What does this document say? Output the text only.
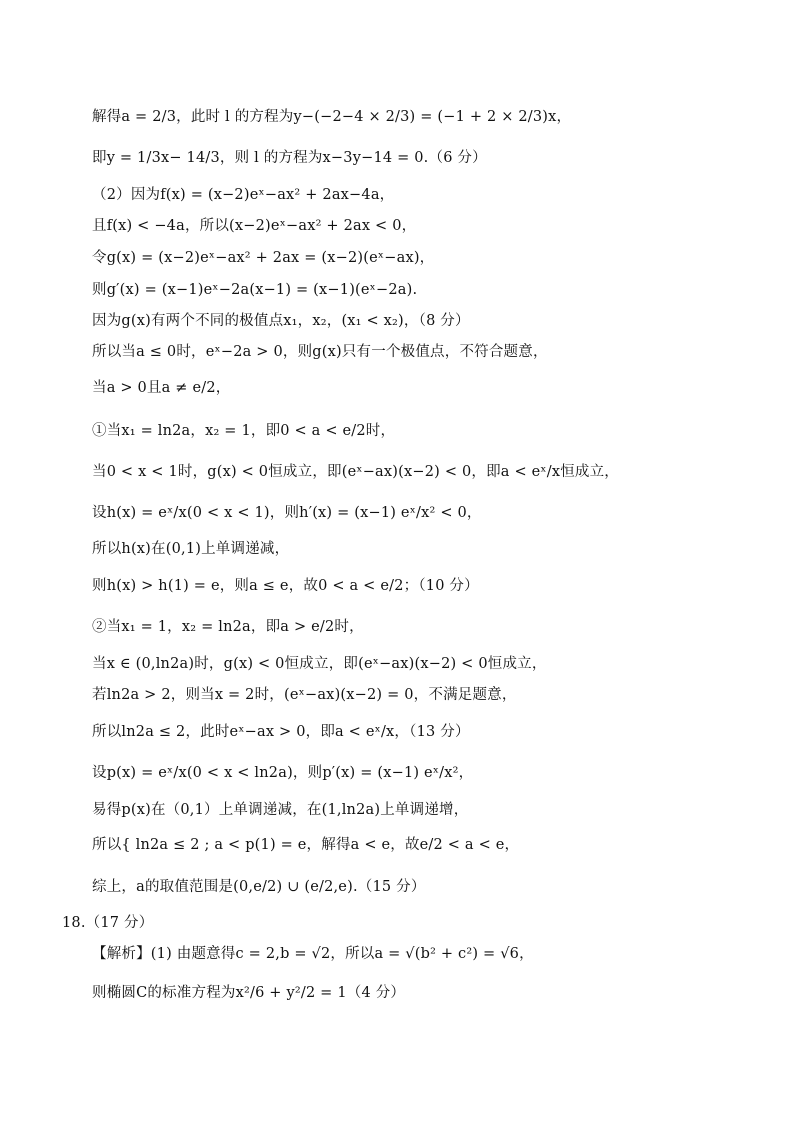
解得a = 2/3，此时 l 的方程为y−(−2−4 × 2/3) = (−1 + 2 × 2/3)x，
即y = 1/3x− 14/3，则 l 的方程为x−3y−14 = 0.（6 分）
（2）因为f(x) = (x−2)eˣ−ax² + 2ax−4a，
且f(x) < −4a，所以(x−2)eˣ−ax² + 2ax < 0，
令g(x) = (x−2)eˣ−ax² + 2ax = (x−2)(eˣ−ax)，
则g′(x) = (x−1)eˣ−2a(x−1) = (x−1)(eˣ−2a).
因为g(x)有两个不同的极值点x₁，x₂，(x₁ < x₂)，（8 分）
所以当a ≤ 0时，eˣ−2a > 0，则g(x)只有一个极值点，不符合题意，
当a > 0且a ≠ e/2，
①当x₁ = ln2a，x₂ = 1，即0 < a < e/2时，
当0 < x < 1时，g(x) < 0恒成立，即(eˣ−ax)(x−2) < 0，即a < eˣ/x恒成立，
设h(x) = eˣ/x(0 < x < 1)，则h′(x) = (x−1) eˣ/x² < 0，
所以h(x)在(0,1)上单调递减，
则h(x) > h(1) = e，则a ≤ e，故0 < a < e/2；（10 分）
②当x₁ = 1，x₂ = ln2a，即a > e/2时，
当x ∈ (0,ln2a)时，g(x) < 0恒成立，即(eˣ−ax)(x−2) < 0恒成立，
若ln2a > 2，则当x = 2时，(eˣ−ax)(x−2) = 0，不满足题意，
所以ln2a ≤ 2，此时eˣ−ax > 0，即a < eˣ/x，（13 分）
设p(x) = eˣ/x(0 < x < ln2a)，则p′(x) = (x−1) eˣ/x²，
易得p(x)在（0,1）上单调递减，在(1,ln2a)上单调递增，
所以{ ln2a ≤ 2 ; a < p(1) = e，解得a < e，故e/2 < a < e，
综上，a的取值范围是(0,e/2) ∪ (e/2,e).（15 分）
18.（17 分）
【解析】(1) 由题意得c = 2,b = √2，所以a = √(b² + c²) = √6，
则椭圆C的标准方程为x²/6 + y²/2 = 1（4 分）
